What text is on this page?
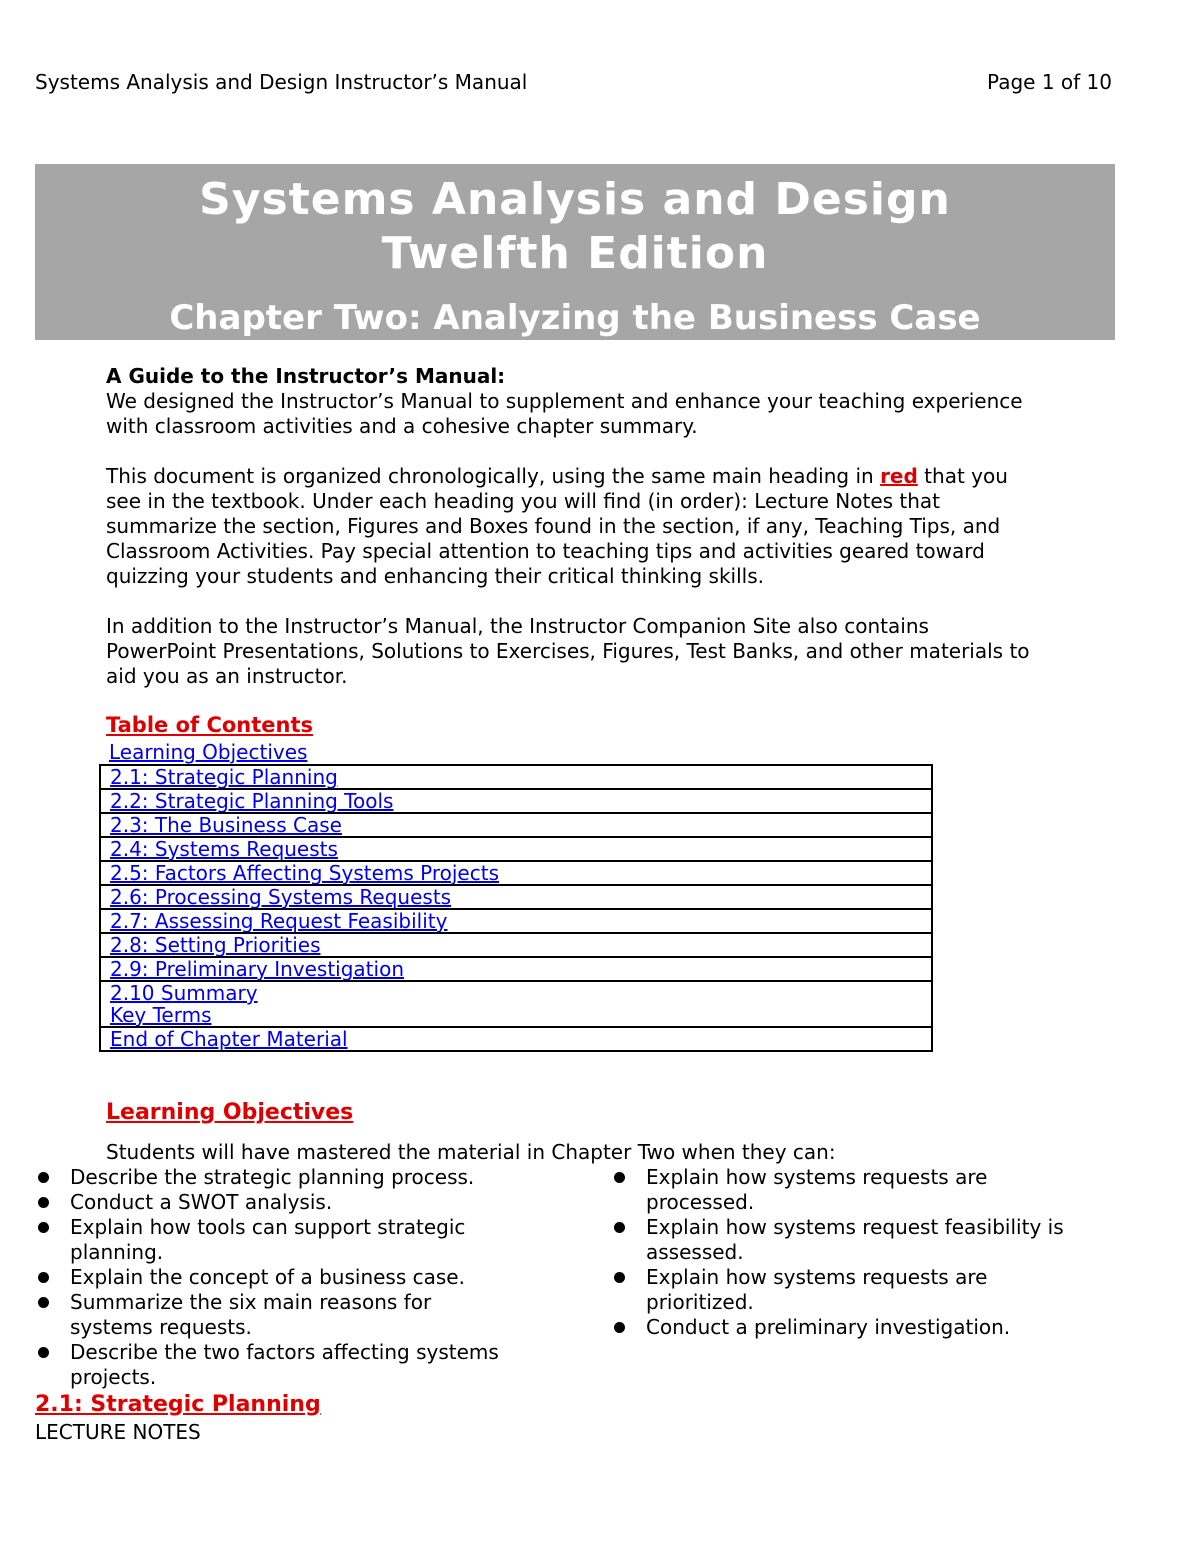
Systems Analysis and Design Instructor’s Manual	Page 1 of 10
Systems Analysis and Design
Twelfth Edition
Chapter Two: Analyzing the Business Case

A Guide to the Instructor’s Manual:

We designed the Instructor’s Manual to supplement and enhance your teaching experience

with classroom activities and a cohesive chapter summary.

This document is organized chronologically, using the same main heading in red that you

see in the textbook. Under each heading you will find (in order): Lecture Notes that

summarize the section, Figures and Boxes found in the section, if any, Teaching Tips, and

Classroom Activities. Pay special attention to teaching tips and activities geared toward

quizzing your students and enhancing their critical thinking skills.

In addition to the Instructor’s Manual, the Instructor Companion Site also contains

PowerPoint Presentations, Solutions to Exercises, Figures, Test Banks, and other materials to

aid you as an instructor.

Table of Contents
Learning Objectives
2.1: Strategic Planning
2.2: Strategic Planning Tools
2.3: The Business Case
2.4: Systems Requests
2.5: Factors Affecting Systems Projects
2.6: Processing Systems Requests
2.7: Assessing Request Feasibility
2.8: Setting Priorities
2.9: Preliminary Investigation

2.10 Summary
Key Terms

End of Chapter Material
Learning Objectives
Students will have mastered the material in Chapter Two when they can:
Describe the strategic planning process.
Conduct a SWOT analysis.
Explain how tools can support strategic
planning.
Explain the concept of a business case.
Summarize the six main reasons for
systems requests.
Describe the two factors affecting systems
projects.
Explain how systems requests are
processed.
Explain how systems request feasibility is
assessed.
Explain how systems requests are
prioritized.
Conduct a preliminary investigation.
2.1: Strategic Planning
LECTURE NOTES
